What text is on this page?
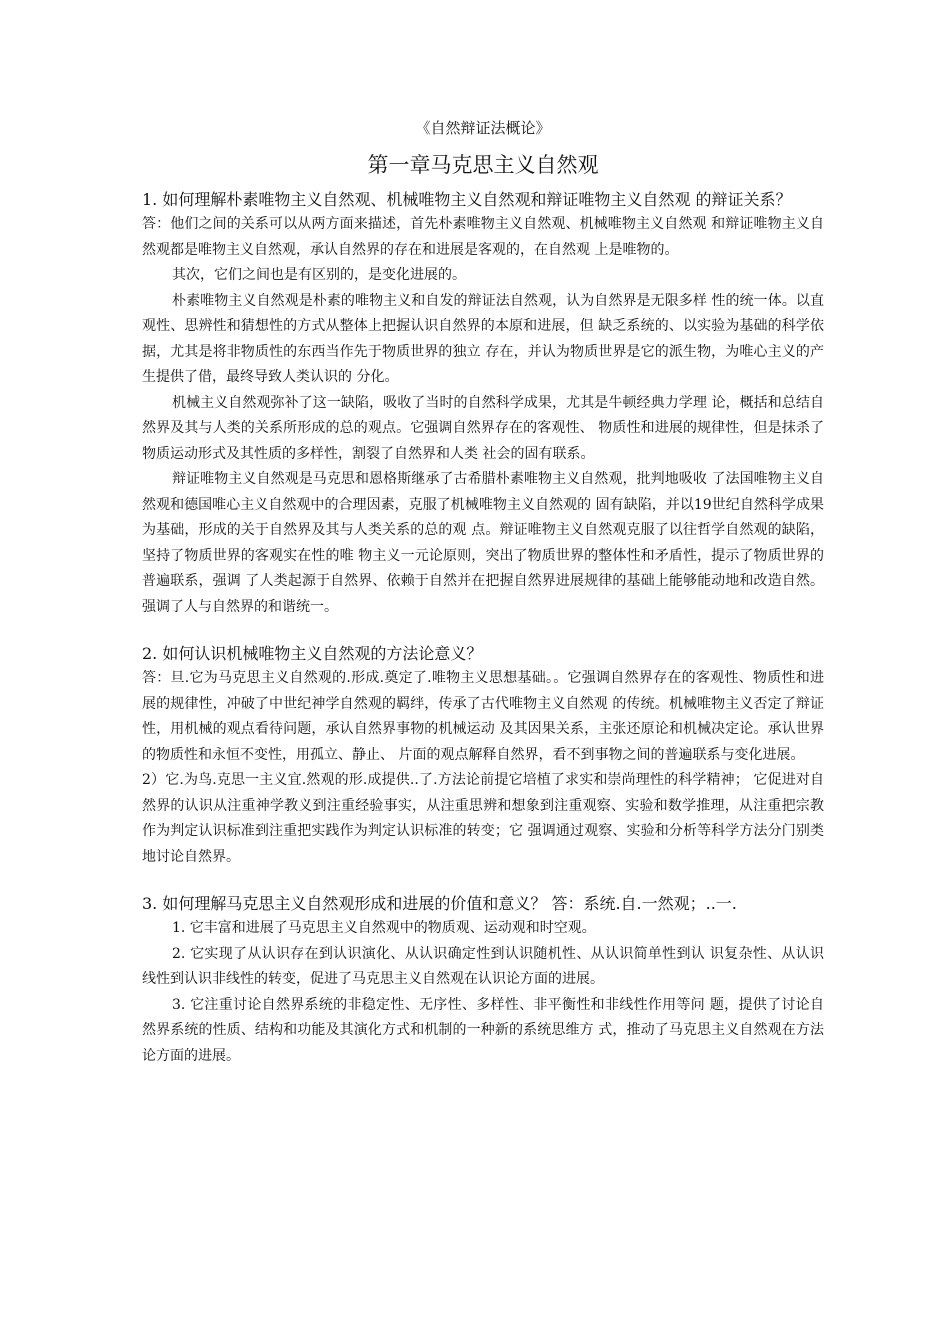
《自然辩证法概论》
第一章马克思主义自然观

1. 如何理解朴素唯物主义自然观、机械唯物主义自然观和辩证唯物主义自然观 的辩证关系？

答：他们之间的关系可以从两方面来描述，首先朴素唯物主义自然观、机械唯物主义自然观 和辩证唯物主义自然观都是唯物主义自然观，承认自然界的存在和进展是客观的，在自然观 上是唯物的。

其次，它们之间也是有区别的，是变化进展的。

朴素唯物主义自然观是朴素的唯物主义和自发的辩证法自然观，认为自然界是无限多样 性的统一体。以直观性、思辨性和猜想性的方式从整体上把握认识自然界的本原和进展，但 缺乏系统的、以实验为基础的科学依据，尤其是将非物质性的东西当作先于物质世界的独立 存在，并认为物质世界是它的派生物，为唯心主义的产生提供了借，最终导致人类认识的 分化。

机械主义自然观弥补了这一缺陷，吸收了当时的自然科学成果，尤其是牛顿经典力学理 论，概括和总结自然界及其与人类的关系所形成的总的观点。它强调自然界存在的客观性、 物质性和进展的规律性，但是抹杀了物质运动形式及其性质的多样性，割裂了自然界和人类 社会的固有联系。

辩证唯物主义自然观是马克思和恩格斯继承了古希腊朴素唯物主义自然观，批判地吸收 了法国唯物主义自然观和德国唯心主义自然观中的合理因素，克服了机械唯物主义自然观的 固有缺陷，并以19世纪自然科学成果为基础，形成的关于自然界及其与人类关系的总的观 点。辩证唯物主义自然观克服了以往哲学自然观的缺陷，坚持了物质世界的客观实在性的唯 物主义一元论原则，突出了物质世界的整体性和矛盾性，提示了物质世界的普遍联系，强调 了人类起源于自然界、依赖于自然并在把握自然界进展规律的基础上能够能动地和改造自然。 强调了人与自然界的和谐统一。

2. 如何认识机械唯物主义自然观的方法论意义？

答：旦.它为马克思主义自然观的.形成.奠定了.唯物主义思想基础。。它强调自然界存在的客观性、物质性和进展的规律性，冲破了中世纪神学自然观的羁绊，传承了古代唯物主义自然观 的传统。机械唯物主义否定了辩证性，用机械的观点看待问题，承认自然界事物的机械运动 及其因果关系，主张还原论和机械决定论。承认世界的物质性和永恒不变性，用孤立、静止、 片面的观点解释自然界，看不到事物之间的普遍联系与变化进展。

2）它.为鸟.克思一主义宜.然观的形.成提供..了.方法论前提它培植了求实和崇尚理性的科学精神； 它促进对自然界的认识从注重神学教义到注重经验事实，从注重思辨和想象到注重观察、实验和数学推理，从注重把宗教作为判定认识标准到注重把实践作为判定认识标准的转变；它 强调通过观察、实验和分析等科学方法分门别类地讨论自然界。

3. 如何理解马克思主义自然观形成和进展的价值和意义？ 答：系统.自.一然观；..一.

1. 它丰富和进展了马克思主义自然观中的物质观、运动观和时空观。

2. 它实现了从认识存在到认识演化、从认识确定性到认识随机性、从认识简单性到认 识复杂性、从认识线性到认识非线性的转变，促进了马克思主义自然观在认识论方面的进展。

3. 它注重讨论自然界系统的非稳定性、无序性、多样性、非平衡性和非线性作用等问 题，提供了讨论自然界系统的性质、结构和功能及其演化方式和机制的一种新的系统思维方 式，推动了马克思主义自然观在方法论方面的进展。
